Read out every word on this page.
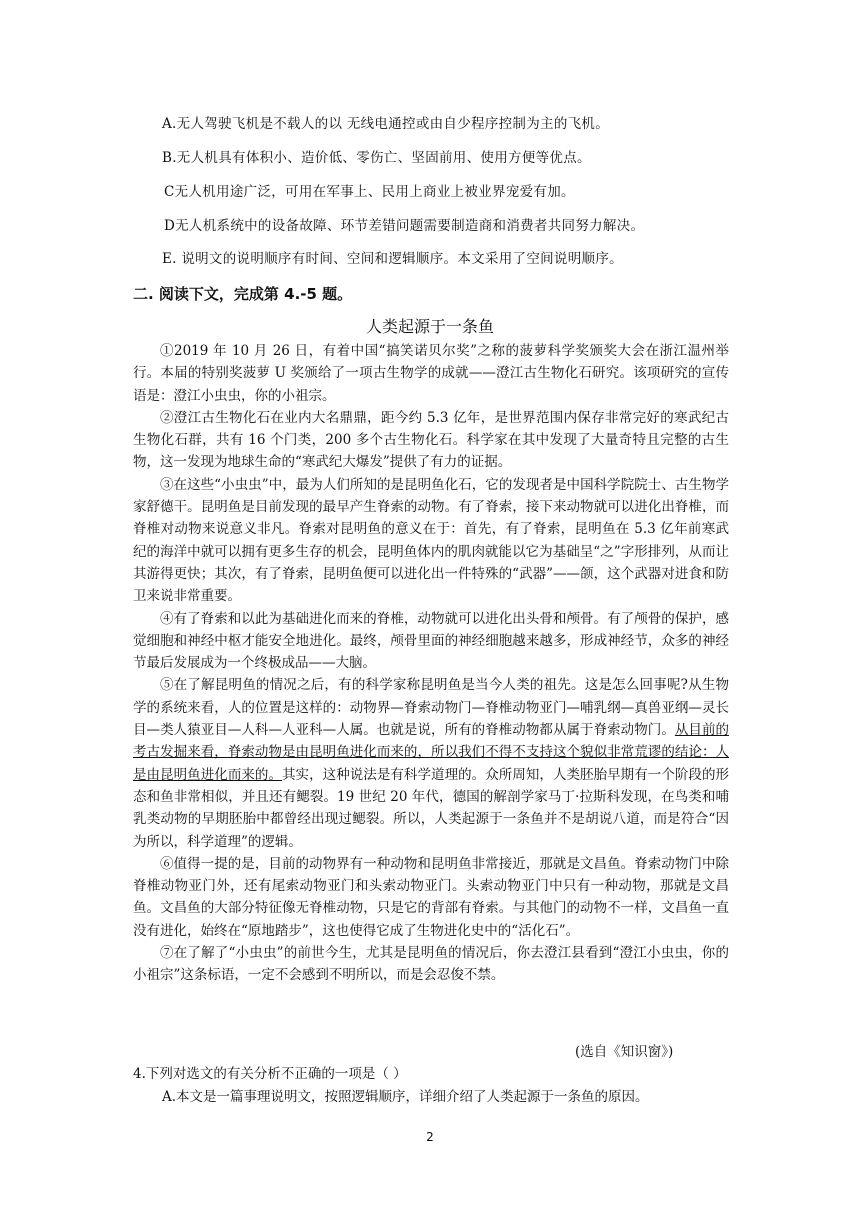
A.无人驾驶飞机是不载人的以 无线电通控或由自少程序控制为主的飞机。
B.无人机具有体积小、造价低、零伤亡、坚固前用、使用方便等优点。
C无人机用途广泛，可用在军事上、民用上商业上被业界宠爱有加。
D无人机系统中的设备故障、环节差错问题需要制造商和消费者共同努力解决。
E. 说明文的说明顺序有时间、空间和逻辑顺序。本文采用了空间说明顺序。
二. 阅读下文，完成第 4.-5 题。
人类起源于一条鱼

①2019 年 10 月 26 日，有着中国“搞笑诺贝尔奖”之称的菠萝科学奖颁奖大会在浙江温州举行。本届的特别奖菠萝 U 奖颁给了一项古生物学的成就——澄江古生物化石研究。该项研究的宣传语是：澄江小虫虫，你的小祖宗。

②澄江古生物化石在业内大名鼎鼎，距今约 5.3 亿年，是世界范围内保存非常完好的寒武纪古生物化石群，共有 16 个门类，200 多个古生物化石。科学家在其中发现了大量奇特且完整的古生物，这一发现为地球生命的“寒武纪大爆发”提供了有力的证据。

③在这些“小虫虫”中，最为人们所知的是昆明鱼化石，它的发现者是中国科学院院士、古生物学家舒德干。昆明鱼是目前发现的最早产生脊索的动物。有了脊索，接下来动物就可以进化出脊椎，而脊椎对动物来说意义非凡。脊索对昆明鱼的意义在于：首先，有了脊索，昆明鱼在 5.3 亿年前寒武纪的海洋中就可以拥有更多生存的机会，昆明鱼体内的肌肉就能以它为基础呈“之”字形排列，从而让其游得更快；其次，有了脊索，昆明鱼便可以进化出一件特殊的“武器”——颌，这个武器对进食和防卫来说非常重要。

④有了脊索和以此为基础进化而来的脊椎，动物就可以进化出头骨和颅骨。有了颅骨的保护，感觉细胞和神经中枢才能安全地进化。最终，颅骨里面的神经细胞越来越多，形成神经节，众多的神经节最后发展成为一个终极成品——大脑。

⑤在了解昆明鱼的情况之后，有的科学家称昆明鱼是当今人类的祖先。这是怎么回事呢?从生物学的系统来看，人的位置是这样的：动物界—脊索动物门—脊椎动物亚门—哺乳纲—真兽亚纲—灵长目—类人猿亚目—人科—人亚科—人属。也就是说，所有的脊椎动物都从属于脊索动物门。从目前的考古发掘来看，脊索动物是由昆明鱼进化而来的，所以我们不得不支持这个貌似非常荒谬的结论：人是由昆明鱼进化而来的。其实，这种说法是有科学道理的。众所周知，人类胚胎早期有一个阶段的形态和鱼非常相似，并且还有鳃裂。19 世纪 20 年代，德国的解剖学家马丁·拉斯科发现，在鸟类和哺乳类动物的早期胚胎中都曾经出现过鳃裂。所以，人类起源于一条鱼并不是胡说八道，而是符合“因为所以，科学道理”的逻辑。

⑥值得一提的是，目前的动物界有一种动物和昆明鱼非常接近，那就是文昌鱼。脊索动物门中除脊椎动物亚门外，还有尾索动物亚门和头索动物亚门。头索动物亚门中只有一种动物，那就是文昌鱼。文昌鱼的大部分特征像无脊椎动物，只是它的背部有脊索。与其他门的动物不一样，文昌鱼一直没有进化，始终在“原地踏步”，这也使得它成了生物进化史中的“活化石”。

⑦在了解了“小虫虫”的前世今生，尤其是昆明鱼的情况后，你去澄江县看到“澄江小虫虫，你的小祖宗”这条标语，一定不会感到不明所以，而是会忍俊不禁。

(选自《知识窗》)
4.下列对选文的有关分析不正确的一项是（ ）
A.本文是一篇事理说明文，按照逻辑顺序，详细介绍了人类起源于一条鱼的原因。
2
